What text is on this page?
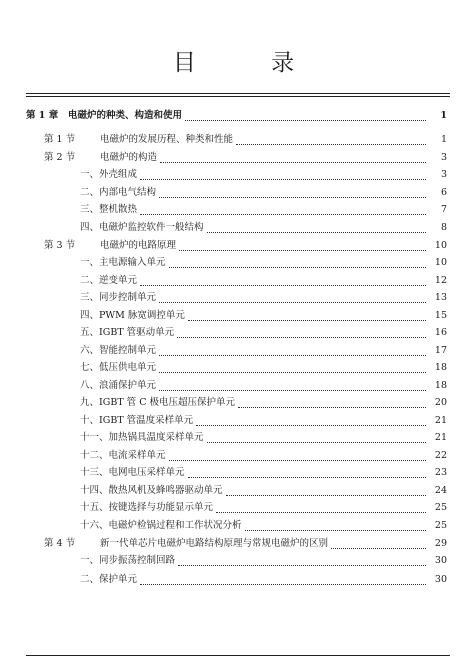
目 录
第 1 章 电磁炉的种类、构造和使用	1
第 1 节	电磁炉的发展历程、种类和性能	1
第 2 节	电磁炉的构造	3
一、外壳组成	3
二、内部电气结构	6
三、整机散热	7
四、电磁炉监控软件一般结构	8
第 3 节	电磁炉的电路原理	10
一、主电源输入单元	10
二、逆变单元	12
三、同步控制单元	13
四、PWM 脉宽调控单元	15
五、IGBT 管驱动单元	16
六、智能控制单元	17
七、低压供电单元	18
八、浪涌保护单元	18
九、IGBT 管 C 极电压超压保护单元	20
十、IGBT 管温度采样单元	21
十一、加热锅具温度采样单元	21
十二、电流采样单元	22
十三、电网电压采样单元	23
十四、散热风机及蜂鸣器驱动单元	24
十五、按键选择与功能显示单元	25
十六、电磁炉检锅过程和工作状况分析	25
第 4 节	新一代单芯片电磁炉电路结构原理与常规电磁炉的区别	29
一、同步振荡控制回路	30
二、保护单元	30
